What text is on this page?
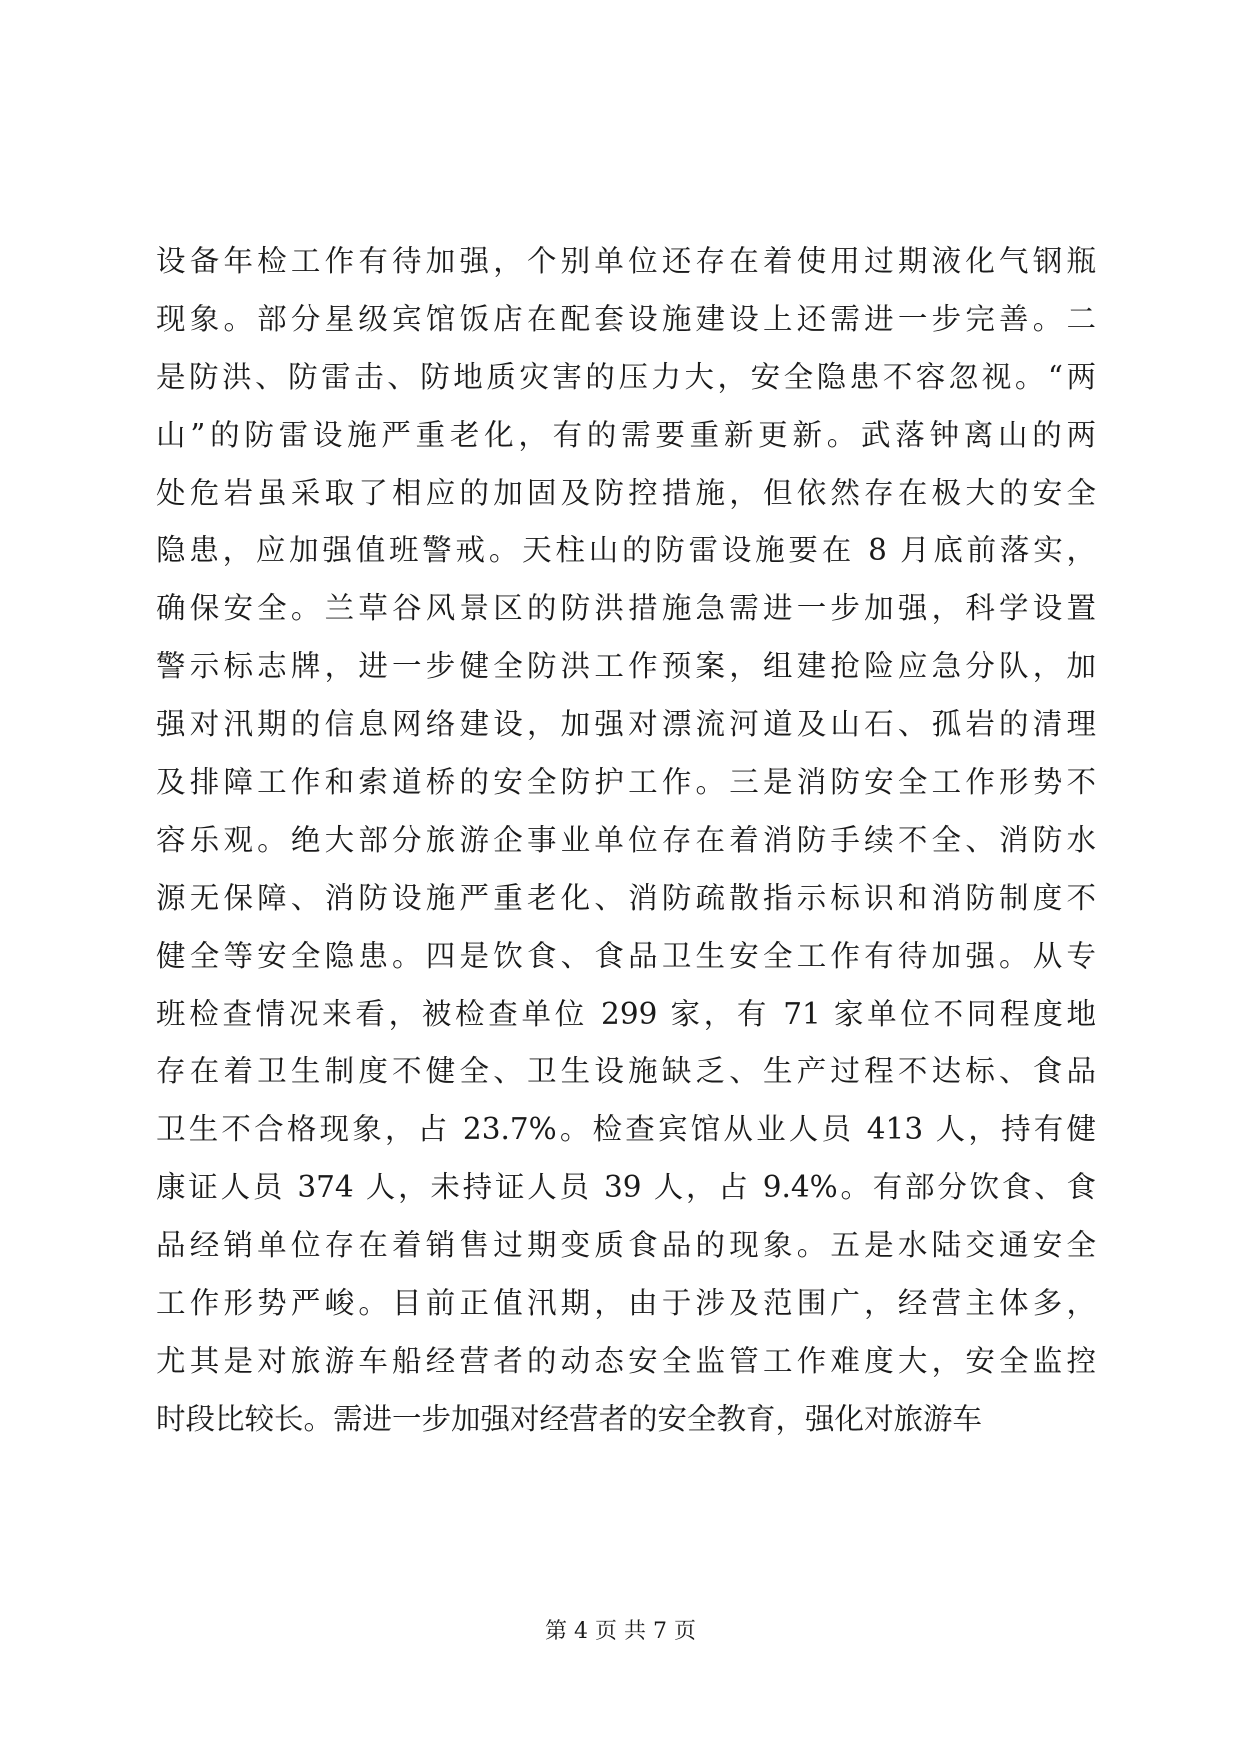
设备年检工作有待加强，个别单位还存在着使用过期液化气钢瓶
现象。部分星级宾馆饭店在配套设施建设上还需进一步完善。二
是防洪、防雷击、防地质灾害的压力大，安全隐患不容忽视。“两
山”的防雷设施严重老化，有的需要重新更新。武落钟离山的两
处危岩虽采取了相应的加固及防控措施，但依然存在极大的安全
隐患，应加强值班警戒。天柱山的防雷设施要在 8 月底前落实，
确保安全。兰草谷风景区的防洪措施急需进一步加强，科学设置
警示标志牌，进一步健全防洪工作预案，组建抢险应急分队，加
强对汛期的信息网络建设，加强对漂流河道及山石、孤岩的清理
及排障工作和索道桥的安全防护工作。三是消防安全工作形势不
容乐观。绝大部分旅游企事业单位存在着消防手续不全、消防水
源无保障、消防设施严重老化、消防疏散指示标识和消防制度不
健全等安全隐患。四是饮食、食品卫生安全工作有待加强。从专
班检查情况来看，被检查单位 299 家，有 71 家单位不同程度地
存在着卫生制度不健全、卫生设施缺乏、生产过程不达标、食品
卫生不合格现象，占 23.7%。检查宾馆从业人员 413 人，持有健
康证人员 374 人，未持证人员 39 人，占 9.4%。有部分饮食、食
品经销单位存在着销售过期变质食品的现象。五是水陆交通安全
工作形势严峻。目前正值汛期，由于涉及范围广，经营主体多，
尤其是对旅游车船经营者的动态安全监管工作难度大，安全监控
时段比较长。需进一步加强对经营者的安全教育，强化对旅游车
第 4 页 共 7 页
